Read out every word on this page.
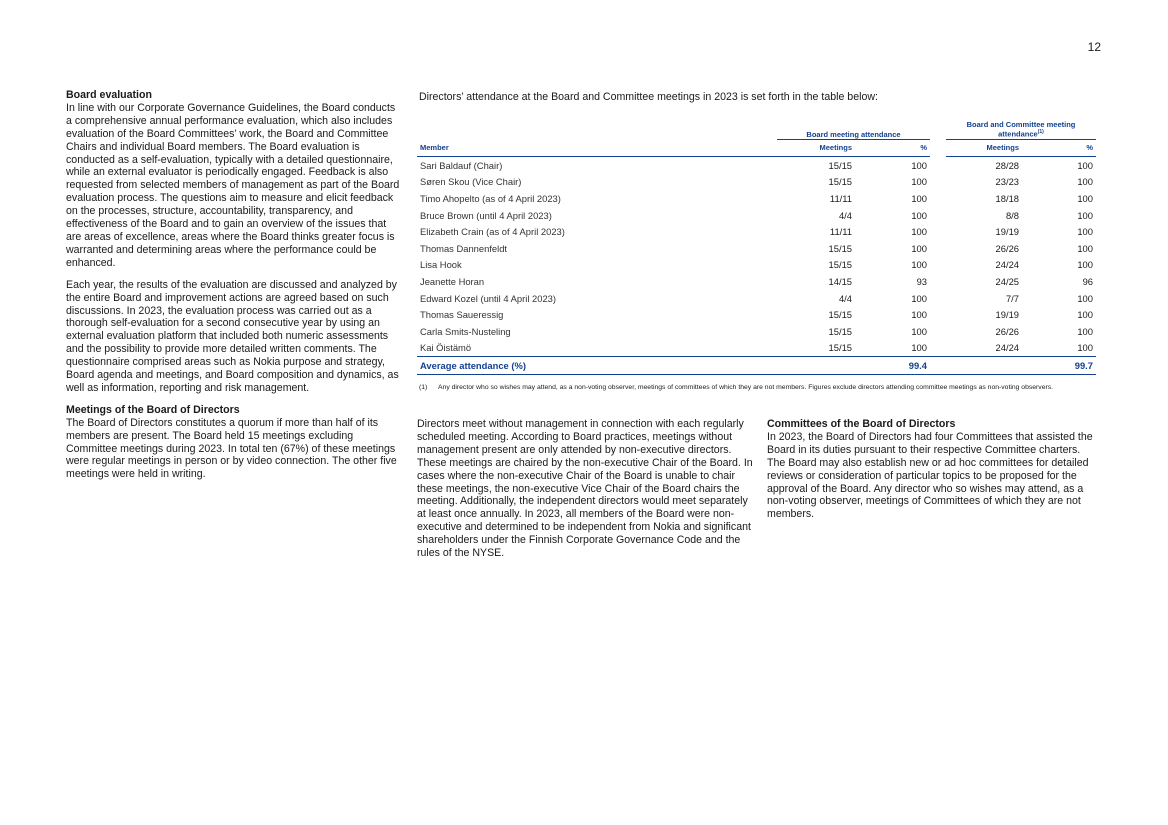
12
Board evaluation

In line with our Corporate Governance Guidelines, the Board conducts a comprehensive annual performance evaluation, which also includes evaluation of the Board Committees’ work, the Board and Committee Chairs and individual Board members. The Board evaluation is conducted as a self-evaluation, typically with a detailed questionnaire, while an external evaluator is periodically engaged. Feedback is also requested from selected members of management as part of the Board evaluation process. The questions aim to measure and elicit feedback on the processes, structure, accountability, transparency, and effectiveness of the Board and to gain an overview of the issues that are areas of excellence, areas where the Board thinks greater focus is warranted and determining areas where the performance could be enhanced.

Each year, the results of the evaluation are discussed and analyzed by the entire Board and improvement actions are agreed based on such discussions. In 2023, the evaluation process was carried out as a thorough self-evaluation for a second consecutive year by using an external evaluation platform that included both numeric assessments and the possibility to provide more detailed written comments. The questionnaire comprised areas such as Nokia purpose and strategy, Board agenda and meetings, and Board composition and dynamics, as well as information, reporting and risk management.

Meetings of the Board of Directors

The Board of Directors constitutes a quorum if more than half of its members are present. The Board held 15 meetings excluding Committee meetings during 2023. In total ten (67%) of these meetings were regular meetings in person or by video connection. The other five meetings were held in writing.

Directors’ attendance at the Board and Committee meetings in 2023 is set forth in the table below:
	Board meeting attendance			Board and Committee meeting attendance$^{(1)}$
Member	Meetings	%		Meetings	%
Sari Baldauf (Chair)	15/15	100		28/28	100
Søren Skou (Vice Chair)	15/15	100		23/23	100
Timo Ahopelto (as of 4 April 2023)	11/11	100		18/18	100
Bruce Brown (until 4 April 2023)	4/4	100		8/8	100
Elizabeth Crain (as of 4 April 2023)	11/11	100		19/19	100
Thomas Dannenfeldt	15/15	100		26/26	100
Lisa Hook	15/15	100		24/24	100
Jeanette Horan	14/15	93		24/25	96
Edward Kozel (until 4 April 2023)	4/4	100		7/7	100
Thomas Saueressig	15/15	100		19/19	100
Carla Smits-Nusteling	15/15	100		26/26	100
Kai Öistämö	15/15	100		24/24	100
Average attendance (%)		99.4			99.7
(1)	Any director who so wishes may attend, as a non-voting observer, meetings of committees of which they are not members. Figures exclude directors attending committee meetings as non-voting observers.

Directors meet without management in connection with each regularly scheduled meeting. According to Board practices, meetings without management present are only attended by non-executive directors. These meetings are chaired by the non-executive Chair of the Board. In cases where the non-executive Chair of the Board is unable to chair these meetings, the non-executive Vice Chair of the Board chairs the meeting. Additionally, the independent directors would meet separately at least once annually. In 2023, all members of the Board were non-executive and determined to be independent from Nokia and significant shareholders under the Finnish Corporate Governance Code and the rules of the NYSE.

Committees of the Board of Directors

In 2023, the Board of Directors had four Committees that assisted the Board in its duties pursuant to their respective Committee charters. The Board may also establish new or ad hoc committees for detailed reviews or consideration of particular topics to be proposed for the approval of the Board. Any director who so wishes may attend, as a non-voting observer, meetings of Committees of which they are not members.
